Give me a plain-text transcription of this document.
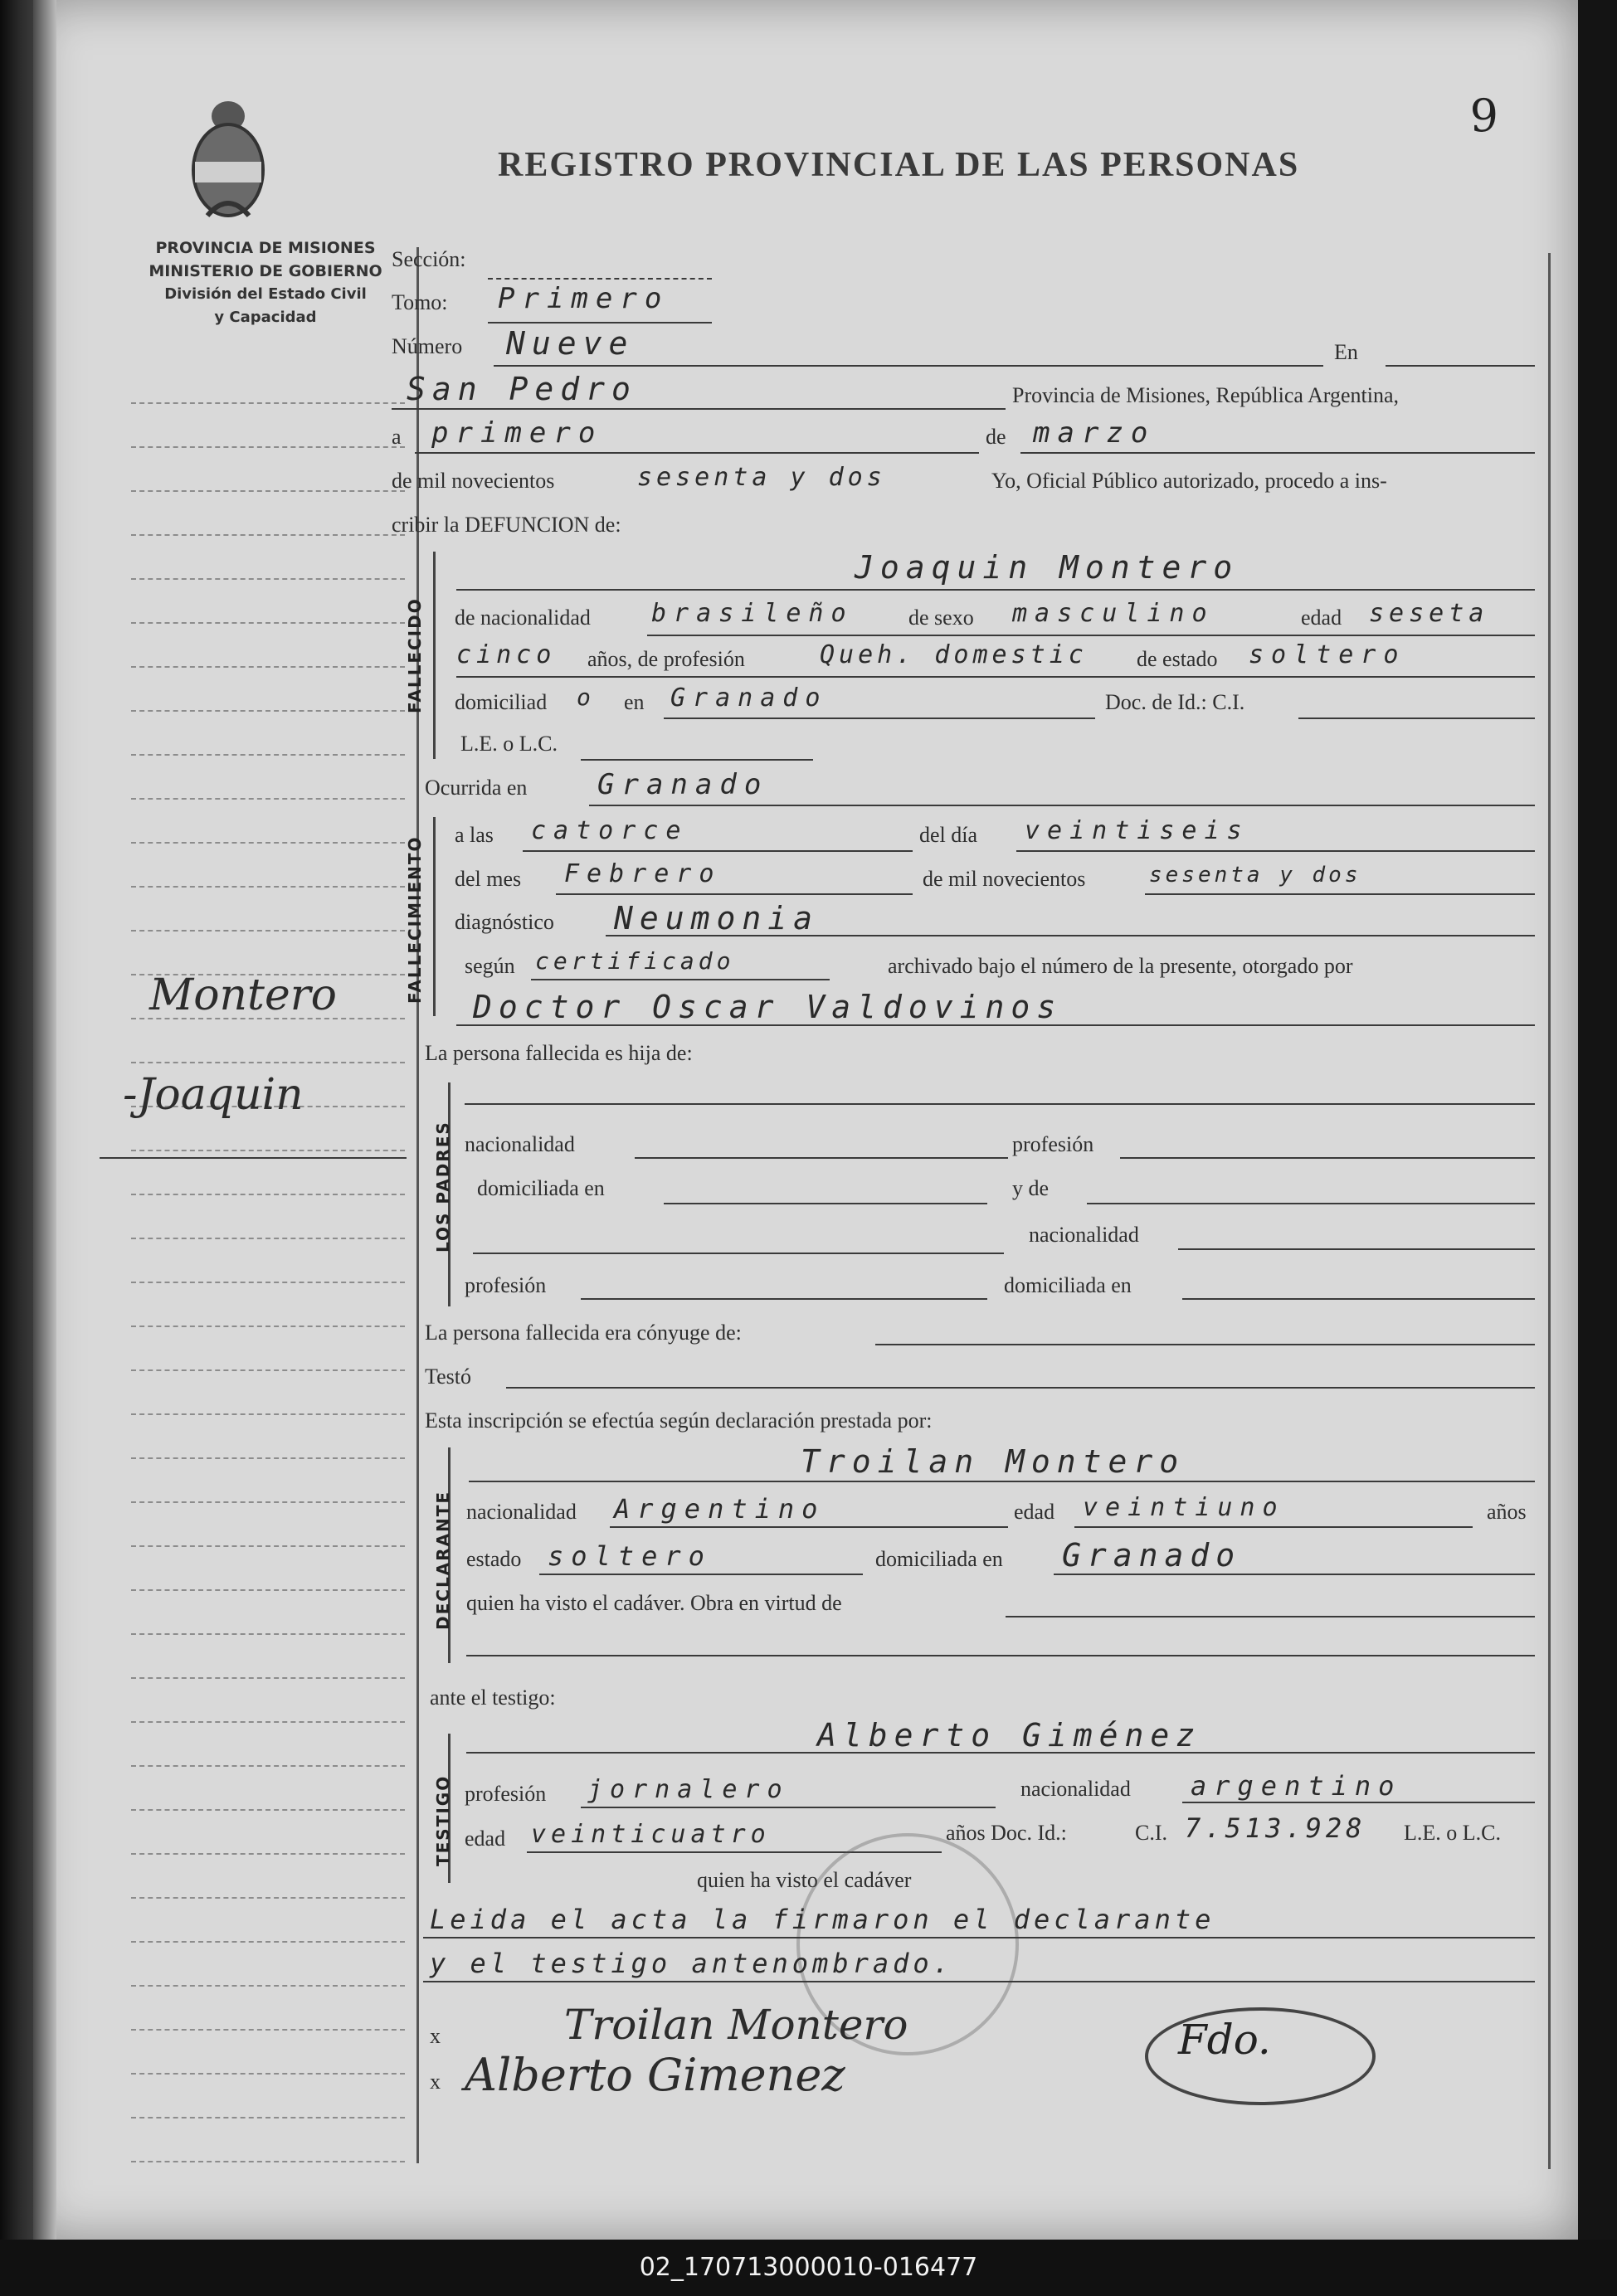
9
REGISTRO PROVINCIAL DE LAS PERSONAS
PROVINCIA DE MISIONES
MINISTERIO DE GOBIERNO
División del Estado Civil
y Capacidad
Montero
-Joaquin
Sección:
Tomo: Primero
Número Nueve	En
San Pedro	Provincia de Misiones, República Argentina,
a primero	de marzo
de mil novecientos	sesenta y dos	Yo, Oficial Público autorizado, procedo a ins-
cribir la DEFUNCION de:
FALLECIDO
Joaquin Montero
de nacionalidad brasileño	de sexo masculino	edad seseta
cinco años, de profesión	Queh. domestic de estado soltero
domiciliad o en Granado	Doc. de Id.: C.I.
L.E. o L.C.
Ocurrida en Granado
FALLECIMIENTO
a las catorce	del día veintiseis
del mes Febrero	de mil novecientos	sesenta y dos
diagnóstico Neumonia
según certificado	archivado bajo el número de la presente, otorgado por
Doctor Oscar Valdovinos
La persona fallecida es hija de:
LOS PADRES nacionalidad	profesión
domiciliada en	y de
nacionalidad
profesión	domiciliada en
La persona fallecida era cónyuge de:
Testó
Esta inscripción se efectúa según declaración prestada por:
DECLARANTE
Troilan Montero
nacionalidad Argentino	edad veintiuno	años
estado soltero	domiciliada en Granado
quien ha visto el cadáver. Obra en virtud de
ante el testigo:
TESTIGO
Alberto Giménez
profesión jornalero	nacionalidad argentino
edad veinticuatro	años Doc. Id.:	C.I. 7.513.928 L.E. o L.C.
quien ha visto el cadáver
Leida el acta la firmaron el declarante
y el testigo antenombrado.
x	Troilan Montero
x Alberto Gimenez
Fdo.
02_170713000010-016477
